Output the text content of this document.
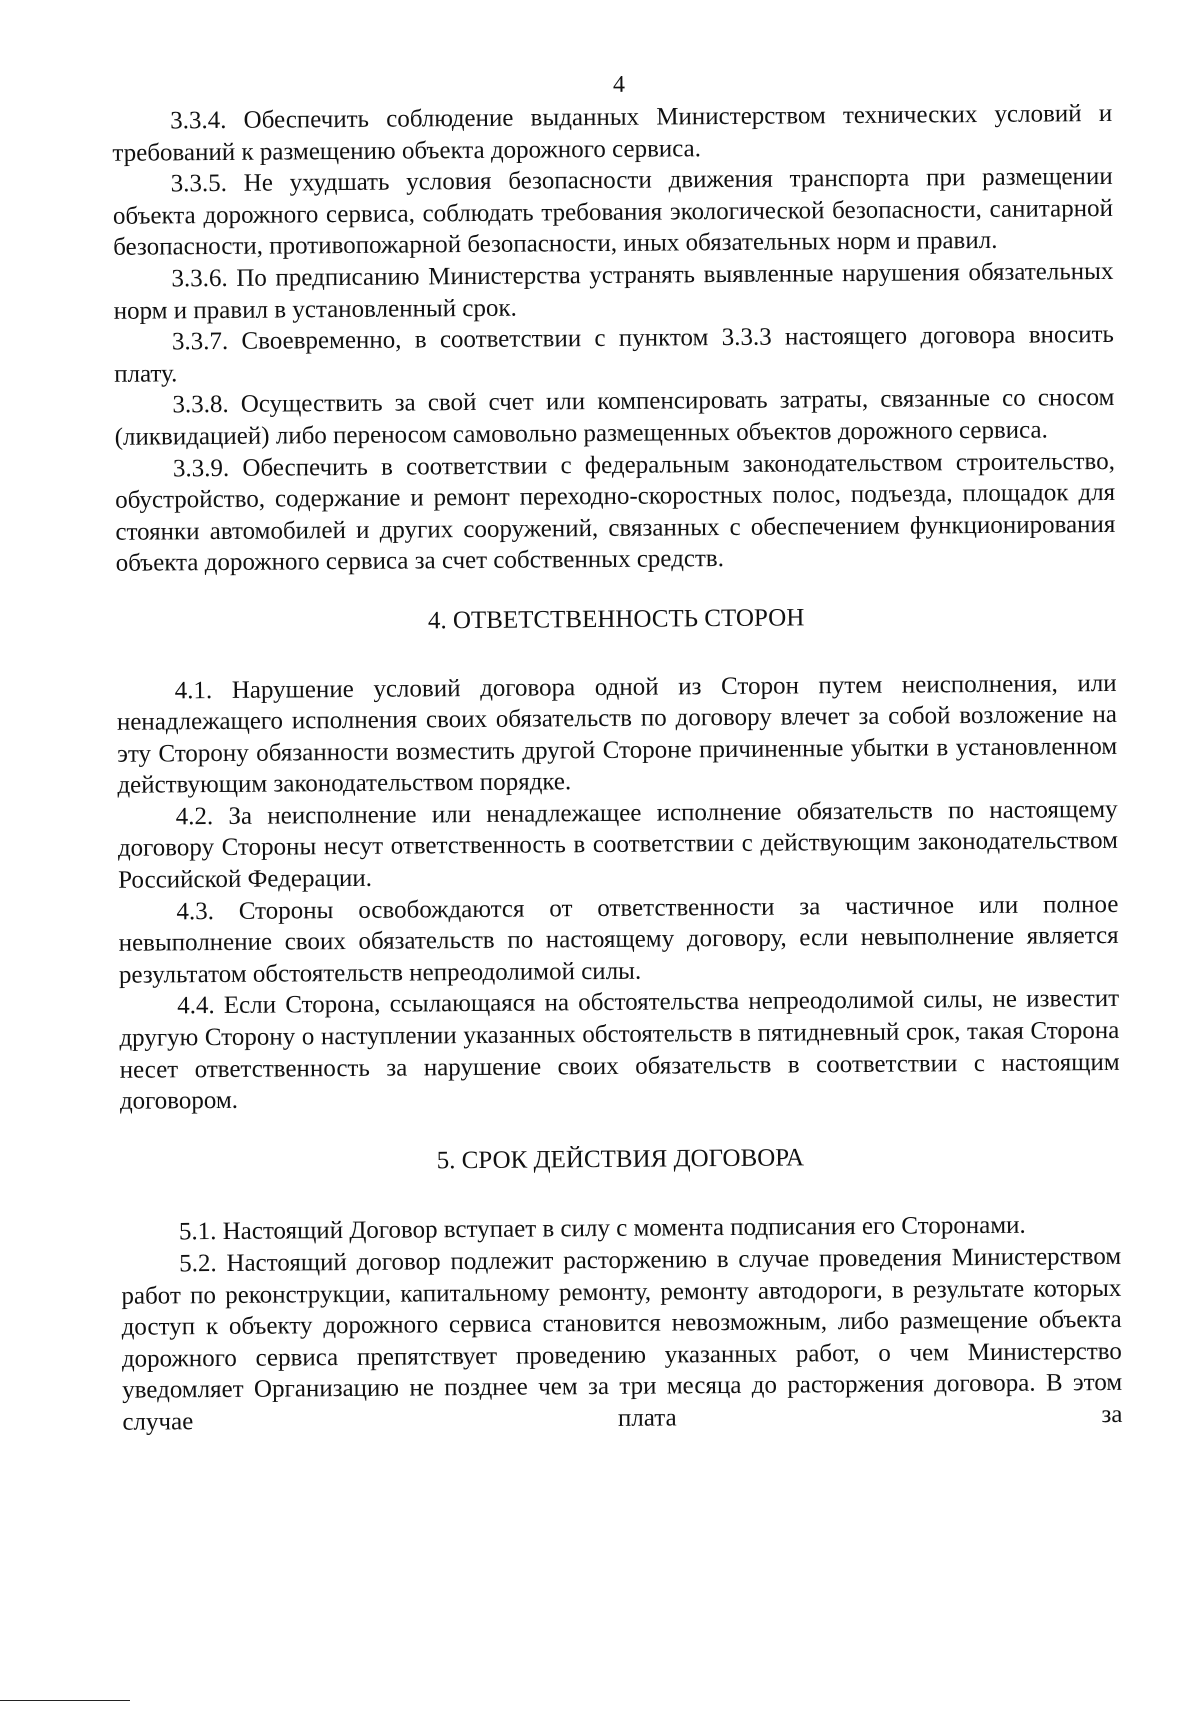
4

3.3.4. Обеспечить соблюдение выданных Министерством технических условий и требований к размещению объекта дорожного сервиса.

3.3.5. Не ухудшать условия безопасности движения транспорта при размещении объекта дорожного сервиса, соблюдать требования экологической безопасности, санитарной безопасности, противопожарной безопасности, иных обязательных норм и правил.

3.3.6. По предписанию Министерства устранять выявленные нарушения обязательных норм и правил в установленный срок.

3.3.7. Своевременно, в соответствии с пунктом 3.3.3 настоящего договора вносить плату.

3.3.8. Осуществить за свой счет или компенсировать затраты, связанные со сносом (ликвидацией) либо переносом самовольно размещенных объектов дорожного сервиса.

3.3.9. Обеспечить в соответствии с федеральным законодательством строительство, обустройство, содержание и ремонт переходно-скоростных полос, подъезда, площадок для стоянки автомобилей и других сооружений, связанных с обеспечением функционирования объекта дорожного сервиса за счет собственных средств.

4. ОТВЕТСТВЕННОСТЬ СТОРОН

4.1. Нарушение условий договора одной из Сторон путем неисполнения, или ненадлежащего исполнения своих обязательств по договору влечет за собой возложение на эту Сторону обязанности возместить другой Стороне причиненные убытки в установленном действующим законодательством порядке.

4.2. За неисполнение или ненадлежащее исполнение обязательств по настоящему договору Стороны несут ответственность в соответствии с действующим законодательством Российской Федерации.

4.3. Стороны освобождаются от ответственности за частичное или полное невыполнение своих обязательств по настоящему договору, если невыполнение является результатом обстоятельств непреодолимой силы.

4.4. Если Сторона, ссылающаяся на обстоятельства непреодолимой силы, не известит другую Сторону о наступлении указанных обстоятельств в пятидневный срок, такая Сторона несет ответственность за нарушение своих обязательств в соответствии с настоящим договором.

5. СРОК ДЕЙСТВИЯ ДОГОВОРА

5.1. Настоящий Договор вступает в силу с момента подписания его Сторонами.

5.2. Настоящий договор подлежит расторжению в случае проведения Министерством работ по реконструкции, капитальному ремонту, ремонту автодороги, в результате которых доступ к объекту дорожного сервиса становится невозможным, либо размещение объекта дорожного сервиса препятствует проведению указанных работ, о чем Министерство уведомляет Организацию не позднее чем за три месяца до расторжения договора. В этом случае плата за
